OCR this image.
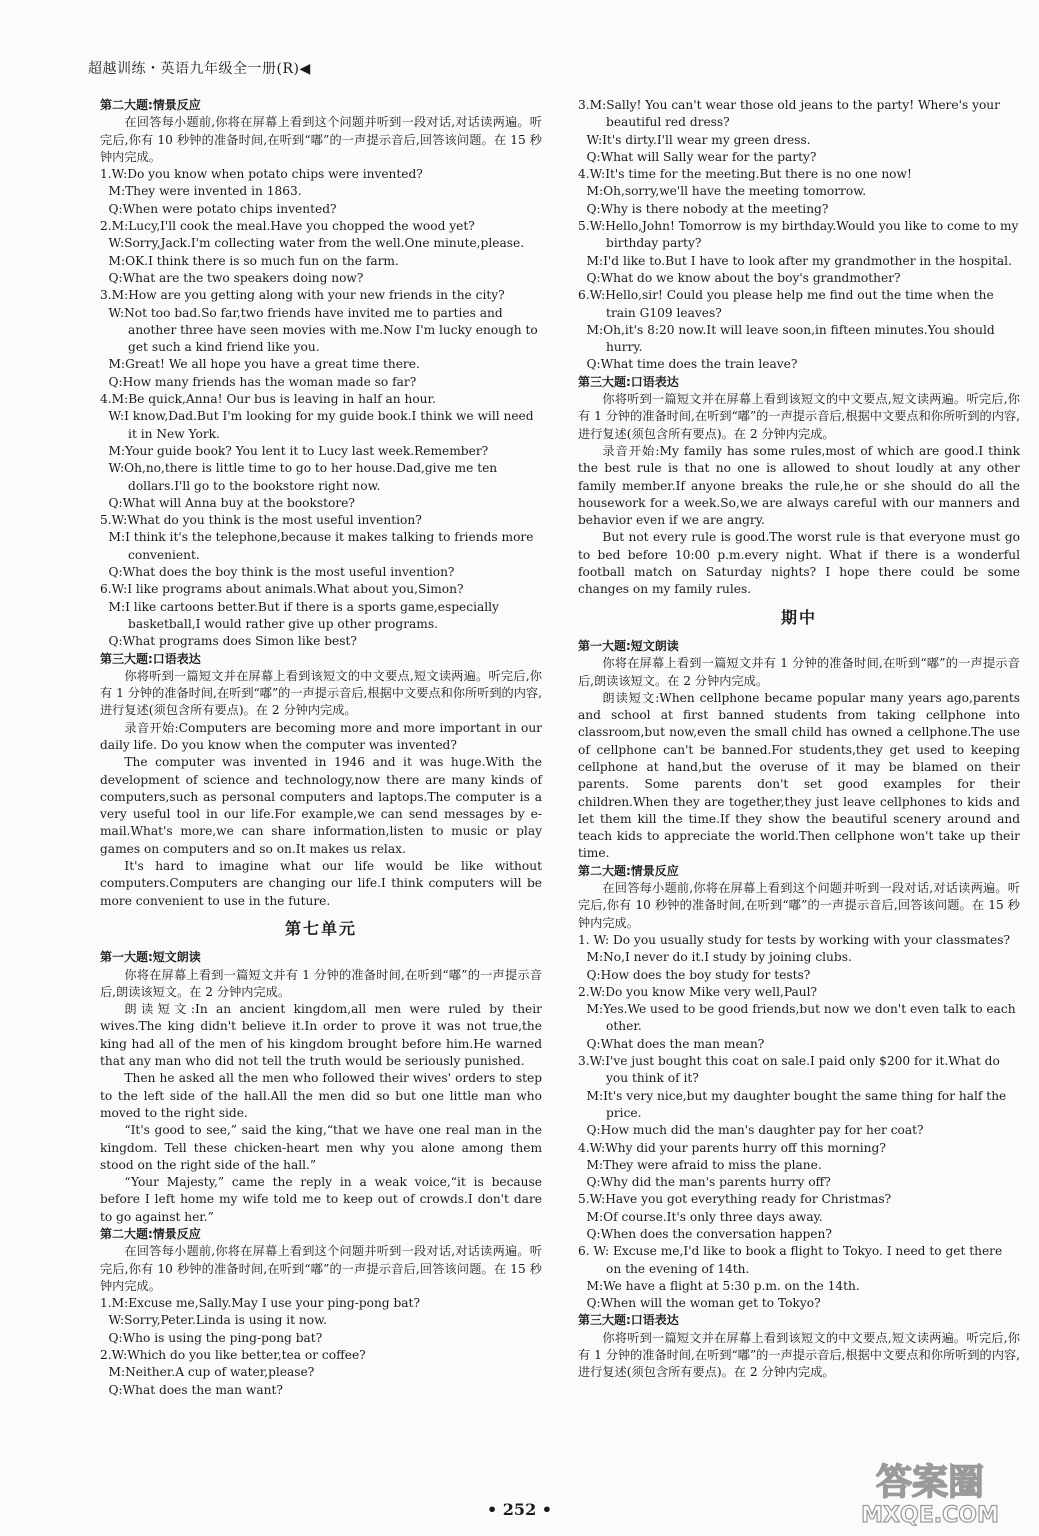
超越训练・英语九年级全一册(R)◀
第二大题:情景反应
在回答每小题前,你将在屏幕上看到这个问题并听到一段对话,对话读两遍。听完后,你有 10 秒钟的准备时间,在听到“嘟”的一声提示音后,回答该问题。在 15 秒钟内完成。
1.W:Do you know when potato chips were invented?
M:They were invented in 1863.
Q:When were potato chips invented?
2.M:Lucy,I'll cook the meal.Have you chopped the wood yet?
W:Sorry,Jack.I'm collecting water from the well.One minute,please.
M:OK.I think there is so much fun on the farm.
Q:What are the two speakers doing now?
3.M:How are you getting along with your new friends in the city?
W:Not too bad.So far,two friends have invited me to parties and another three have seen movies with me.Now I'm lucky enough to get such a kind friend like you.
M:Great! We all hope you have a great time there.
Q:How many friends has the woman made so far?
4.M:Be quick,Anna! Our bus is leaving in half an hour.
W:I know,Dad.But I'm looking for my guide book.I think we will need it in New York.
M:Your guide book? You lent it to Lucy last week.Remember?
W:Oh,no,there is little time to go to her house.Dad,give me ten dollars.I'll go to the bookstore right now.
Q:What will Anna buy at the bookstore?
5.W:What do you think is the most useful invention?
M:I think it's the telephone,because it makes talking to friends more convenient.
Q:What does the boy think is the most useful invention?
6.W:I like programs about animals.What about you,Simon?
M:I like cartoons better.But if there is a sports game,especially basketball,I would rather give up other programs.
Q:What programs does Simon like best?
第三大题:口语表达
你将听到一篇短文并在屏幕上看到该短文的中文要点,短文读两遍。听完后,你有 1 分钟的准备时间,在听到“嘟”的一声提示音后,根据中文要点和你所听到的内容,进行复述(须包含所有要点)。在 2 分钟内完成。
录音开始:Computers are becoming more and more important in our daily life. Do you know when the computer was invented?
The computer was invented in 1946 and it was huge.With the development of science and technology,now there are many kinds of computers,such as personal computers and laptops.The computer is a very useful tool in our life.For example,we can send messages by e-mail.What's more,we can share information,listen to music or play games on computers and so on.It makes us relax.
It's hard to imagine what our life would be like without computers.Computers are changing our life.I think computers will be more convenient to use in the future.
第七单元
第一大题:短文朗读
你将在屏幕上看到一篇短文并有 1 分钟的准备时间,在听到“嘟”的一声提示音后,朗读该短文。在 2 分钟内完成。
朗读短文:In an ancient kingdom,all men were ruled by their wives.The king didn't believe it.In order to prove it was not true,the king had all of the men of his kingdom brought before him.He warned that any man who did not tell the truth would be seriously punished.
Then he asked all the men who followed their wives' orders to step to the left side of the hall.All the men did so but one little man who moved to the right side.
“It's good to see,” said the king,“that we have one real man in the kingdom. Tell these chicken-heart men why you alone among them stood on the right side of the hall.”
“Your Majesty,” came the reply in a weak voice,“it is because before I left home my wife told me to keep out of crowds.I don't dare to go against her.”
第二大题:情景反应
在回答每小题前,你将在屏幕上看到这个问题并听到一段对话,对话读两遍。听完后,你有 10 秒钟的准备时间,在听到“嘟”的一声提示音后,回答该问题。在 15 秒钟内完成。
1.M:Excuse me,Sally.May I use your ping-pong bat?
W:Sorry,Peter.Linda is using it now.
Q:Who is using the ping-pong bat?
2.W:Which do you like better,tea or coffee?
M:Neither.A cup of water,please?
Q:What does the man want?
3.M:Sally! You can't wear those old jeans to the party! Where's your beautiful red dress?
W:It's dirty.I'll wear my green dress.
Q:What will Sally wear for the party?
4.W:It's time for the meeting.But there is no one now!
M:Oh,sorry,we'll have the meeting tomorrow.
Q:Why is there nobody at the meeting?
5.W:Hello,John! Tomorrow is my birthday.Would you like to come to my birthday party?
M:I'd like to.But I have to look after my grandmother in the hospital.
Q:What do we know about the boy's grandmother?
6.W:Hello,sir! Could you please help me find out the time when the train G109 leaves?
M:Oh,it's 8:20 now.It will leave soon,in fifteen minutes.You should hurry.
Q:What time does the train leave?
第三大题:口语表达
你将听到一篇短文并在屏幕上看到该短文的中文要点,短文读两遍。听完后,你有 1 分钟的准备时间,在听到“嘟”的一声提示音后,根据中文要点和你所听到的内容,进行复述(须包含所有要点)。在 2 分钟内完成。
录音开始:My family has some rules,most of which are good.I think the best rule is that no one is allowed to shout loudly at any other family member.If anyone breaks the rule,he or she should do all the housework for a week.So,we are always careful with our manners and behavior even if we are angry.
But not every rule is good.The worst rule is that everyone must go to bed before 10:00 p.m.every night. What if there is a wonderful football match on Saturday nights? I hope there could be some changes on my family rules.
期中
第一大题:短文朗读
你将在屏幕上看到一篇短文并有 1 分钟的准备时间,在听到“嘟”的一声提示音后,朗读该短文。在 2 分钟内完成。
朗读短文:When cellphone became popular many years ago,parents and school at first banned students from taking cellphone into classroom,but now,even the small child has owned a cellphone.The use of cellphone can't be banned.For students,they get used to keeping cellphone at hand,but the overuse of it may be blamed on their parents. Some parents don't set good examples for their children.When they are together,they just leave cellphones to kids and let them kill the time.If they show the beautiful scenery around and teach kids to appreciate the world.Then cellphone won't take up their time.
第二大题:情景反应
在回答每小题前,你将在屏幕上看到这个问题并听到一段对话,对话读两遍。听完后,你有 10 秒钟的准备时间,在听到“嘟”的一声提示音后,回答该问题。在 15 秒钟内完成。
1. W: Do you usually study for tests by working with your classmates?
M:No,I never do it.I study by joining clubs.
Q:How does the boy study for tests?
2.W:Do you know Mike very well,Paul?
M:Yes.We used to be good friends,but now we don't even talk to each other.
Q:What does the man mean?
3.W:I've just bought this coat on sale.I paid only $200 for it.What do you think of it?
M:It's very nice,but my daughter bought the same thing for half the price.
Q:How much did the man's daughter pay for her coat?
4.W:Why did your parents hurry off this morning?
M:They were afraid to miss the plane.
Q:Why did the man's parents hurry off?
5.W:Have you got everything ready for Christmas?
M:Of course.It's only three days away.
Q:When does the conversation happen?
6. W: Excuse me,I'd like to book a flight to Tokyo. I need to get there on the evening of 14th.
M:We have a flight at 5:30 p.m. on the 14th.
Q:When will the woman get to Tokyo?
第三大题:口语表达
你将听到一篇短文并在屏幕上看到该短文的中文要点,短文读两遍。听完后,你有 1 分钟的准备时间,在听到“嘟”的一声提示音后,根据中文要点和你所听到的内容,进行复述(须包含所有要点)。在 2 分钟内完成。
• 252 •
答案圈
MXQE.COM
